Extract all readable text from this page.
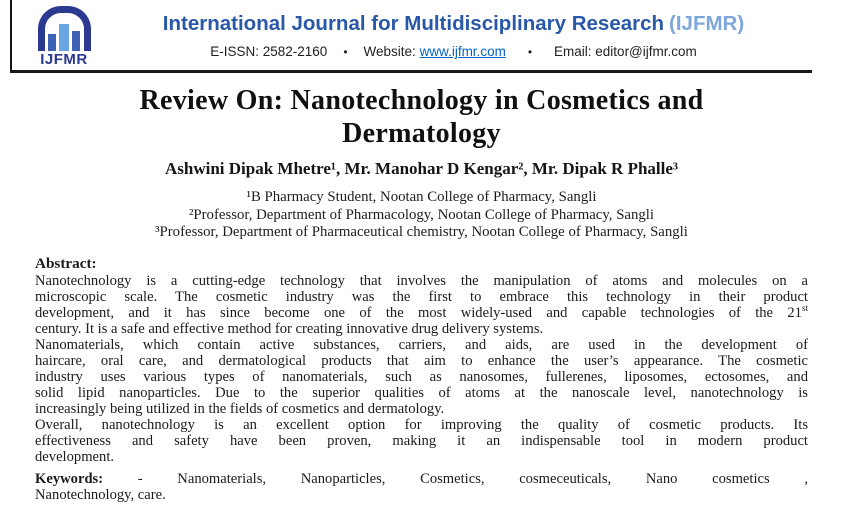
IJFMR
International Journal for Multidisciplinary Research (IJFMR)
E-ISSN: 2582-2160 • Website: www.ijfmr.com • Email: editor@ijfmr.com
Review On: Nanotechnology in Cosmetics and
Dermatology
Ashwini Dipak Mhetre¹, Mr. Manohar D Kengar², Mr. Dipak R Phalle³
¹B Pharmacy Student, Nootan College of Pharmacy, Sangli
²Professor, Department of Pharmacology, Nootan College of Pharmacy, Sangli
³Professor, Department of Pharmaceutical chemistry, Nootan College of Pharmacy, Sangli
Abstract:
Nanotechnology is a cutting-edge technology that involves the manipulation of atoms and molecules on a
microscopic scale. The cosmetic industry was the first to embrace this technology in their product
development, and it has since become one of the most widely-used and capable technologies of the 21st
century. It is a safe and effective method for creating innovative drug delivery systems.
Nanomaterials, which contain active substances, carriers, and aids, are used in the development of
haircare, oral care, and dermatological products that aim to enhance the user’s appearance. The cosmetic
industry uses various types of nanomaterials, such as nanosomes, fullerenes, liposomes, ectosomes, and
solid lipid nanoparticles. Due to the superior qualities of atoms at the nanoscale level, nanotechnology is
increasingly being utilized in the fields of cosmetics and dermatology.
Overall, nanotechnology is an excellent option for improving the quality of cosmetic products. Its
effectiveness and safety have been proven, making it an indispensable tool in modern product
development.

Keywords: - Nanomaterials, Nanoparticles, Cosmetics, cosmeceuticals, Nano cosmetics ,
Nanotechnology, care.
